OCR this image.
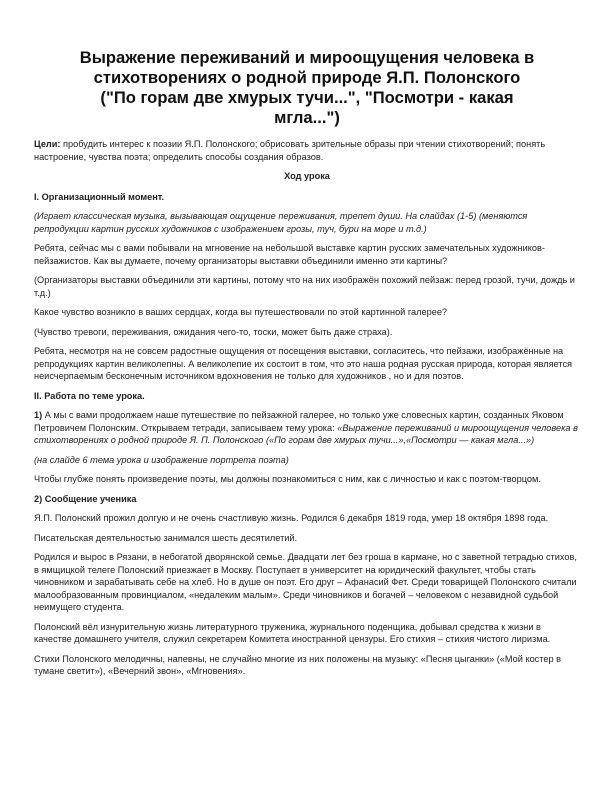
Выражение переживаний и мироощущения человека в
стихотворениях о родной природе Я.П. Полонского
("По горам две хмурых тучи...", "Посмотри - какая
мгла...")

Цели: пробудить интерес к поэзии Я.П. Полонского; обрисовать зрительные образы при чтении стихотворений; понять настроение, чувства поэта; определить способы создания образов.

Ход урока

I. Организационный момент.

(Играет классическая музыка, вызывающая ощущение переживания, трепет души. На слайдах (1-5) (меняются репродукции картин русских художников с изображением грозы, туч, бури на море и т.д.)

Ребята, сейчас мы с вами побывали на мгновение на небольшой выставке картин русских замечательных художников-пейзажистов. Как вы думаете, почему организаторы выставки объединили именно эти картины?

(Организаторы выставки объединили эти картины, потому что на них изображён похожий пейзаж: перед грозой, тучи, дождь и т.д.)

Какое чувство возникло в ваших сердцах, когда вы путешествовали по этой картинной галерее?

(Чувство тревоги, переживания, ожидания чего-то, тоски, может быть даже страха).

Ребята, несмотря на не совсем радостные ощущения от посещения выставки, согласитесь, что пейзажи, изображённые на репродукциях картин великолепны. А великолепие их состоит в том, что это наша родная русская природа, которая является неисчерпаемым бесконечным источником вдохновения не только для художников , но и для поэтов.

II. Работа по теме урока.

1) А мы с вами продолжаем наше путешествие по пейзажной галерее, но только уже словесных картин, созданных Яковом Петровичем Полонским. Открываем тетради, записываем тему урока: «Выражение переживаний и мироощущения человека в стихотворениях о родной природе Я. П. Полонского («По горам две хмурых тучи...»,«Посмотри — какая мгла...»)

(на слайде 6 тема урока и изображение портрета поэта)

Чтобы глубже понять произведение поэты, мы должны познакомиться с ним, как с личностью и как с поэтом-творцом.

2) Сообщение ученика

Я.П. Полонский прожил долгую и не очень счастливую жизнь. Родился 6 декабря 1819 года, умер 18 октября 1898 года.

Писательская деятельностью занимался шесть десятилетий.

Родился и вырос в Рязани, в небогатой дворянской семье. Двадцати лет без гроша в кармане, но с заветной тетрадью стихов, в ямщицкой телеге Полонский приезжает в Москву. Поступает в университет на юридический факультет, чтобы стать чиновником и зарабатывать себе на хлеб. Но в душе он поэт. Его друг – Афанасий Фет. Среди товарищей Полонского считали малообразованным провинциалом, «недалеким малым». Среди чиновников и богачей – человеком с незавидной судьбой неимущего студента.

Полонский вёл изнурительную жизнь литературного труженика, журнального поденщика, добывал средства к жизни в качестве домашнего учителя, служил секретарем Комитета иностранной цензуры. Его стихия – стихия чистого лиризма.

Стихи Полонского мелодичны, напевны, не случайно многие из них положены на музыку: «Песня цыганки» («Мой костер в тумане светит»), «Вечерний звон», «Мгновения».
